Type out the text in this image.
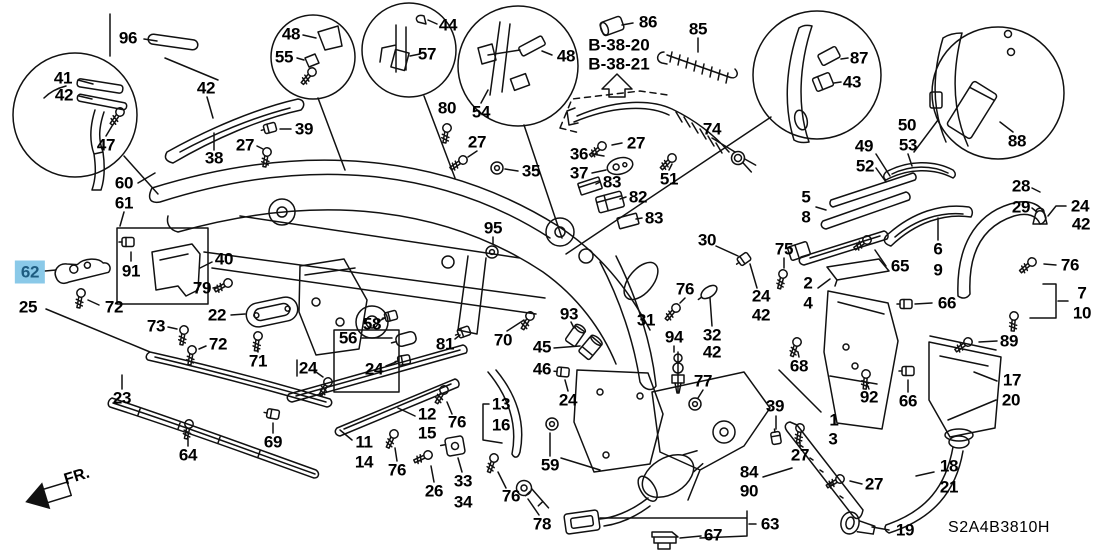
96
41
42
47
48
55
42
39
27
38
44
57
80 54
48
86 85
B-38-20
B-38-21
27
35
36
37
27
83
82
83
51
74
87
43
88
50
53
49
52
28
29 24
42
60
61
62	91
40
79
25	72	22
73
72
71
95
58
56
24
24
81 70
93
45
46
24
30
76	24
42
31
32
42
94
77
5
8
75
2
4
65
6
9
66
76
7
10
89
17
20
66
92
68
1
3
39
27
84
90	27
18
21
19
63
67
23
64
69	11
14 76
12
15
76
13
16
26
33
34 76
59
78
FR.
S2A4B3810H
